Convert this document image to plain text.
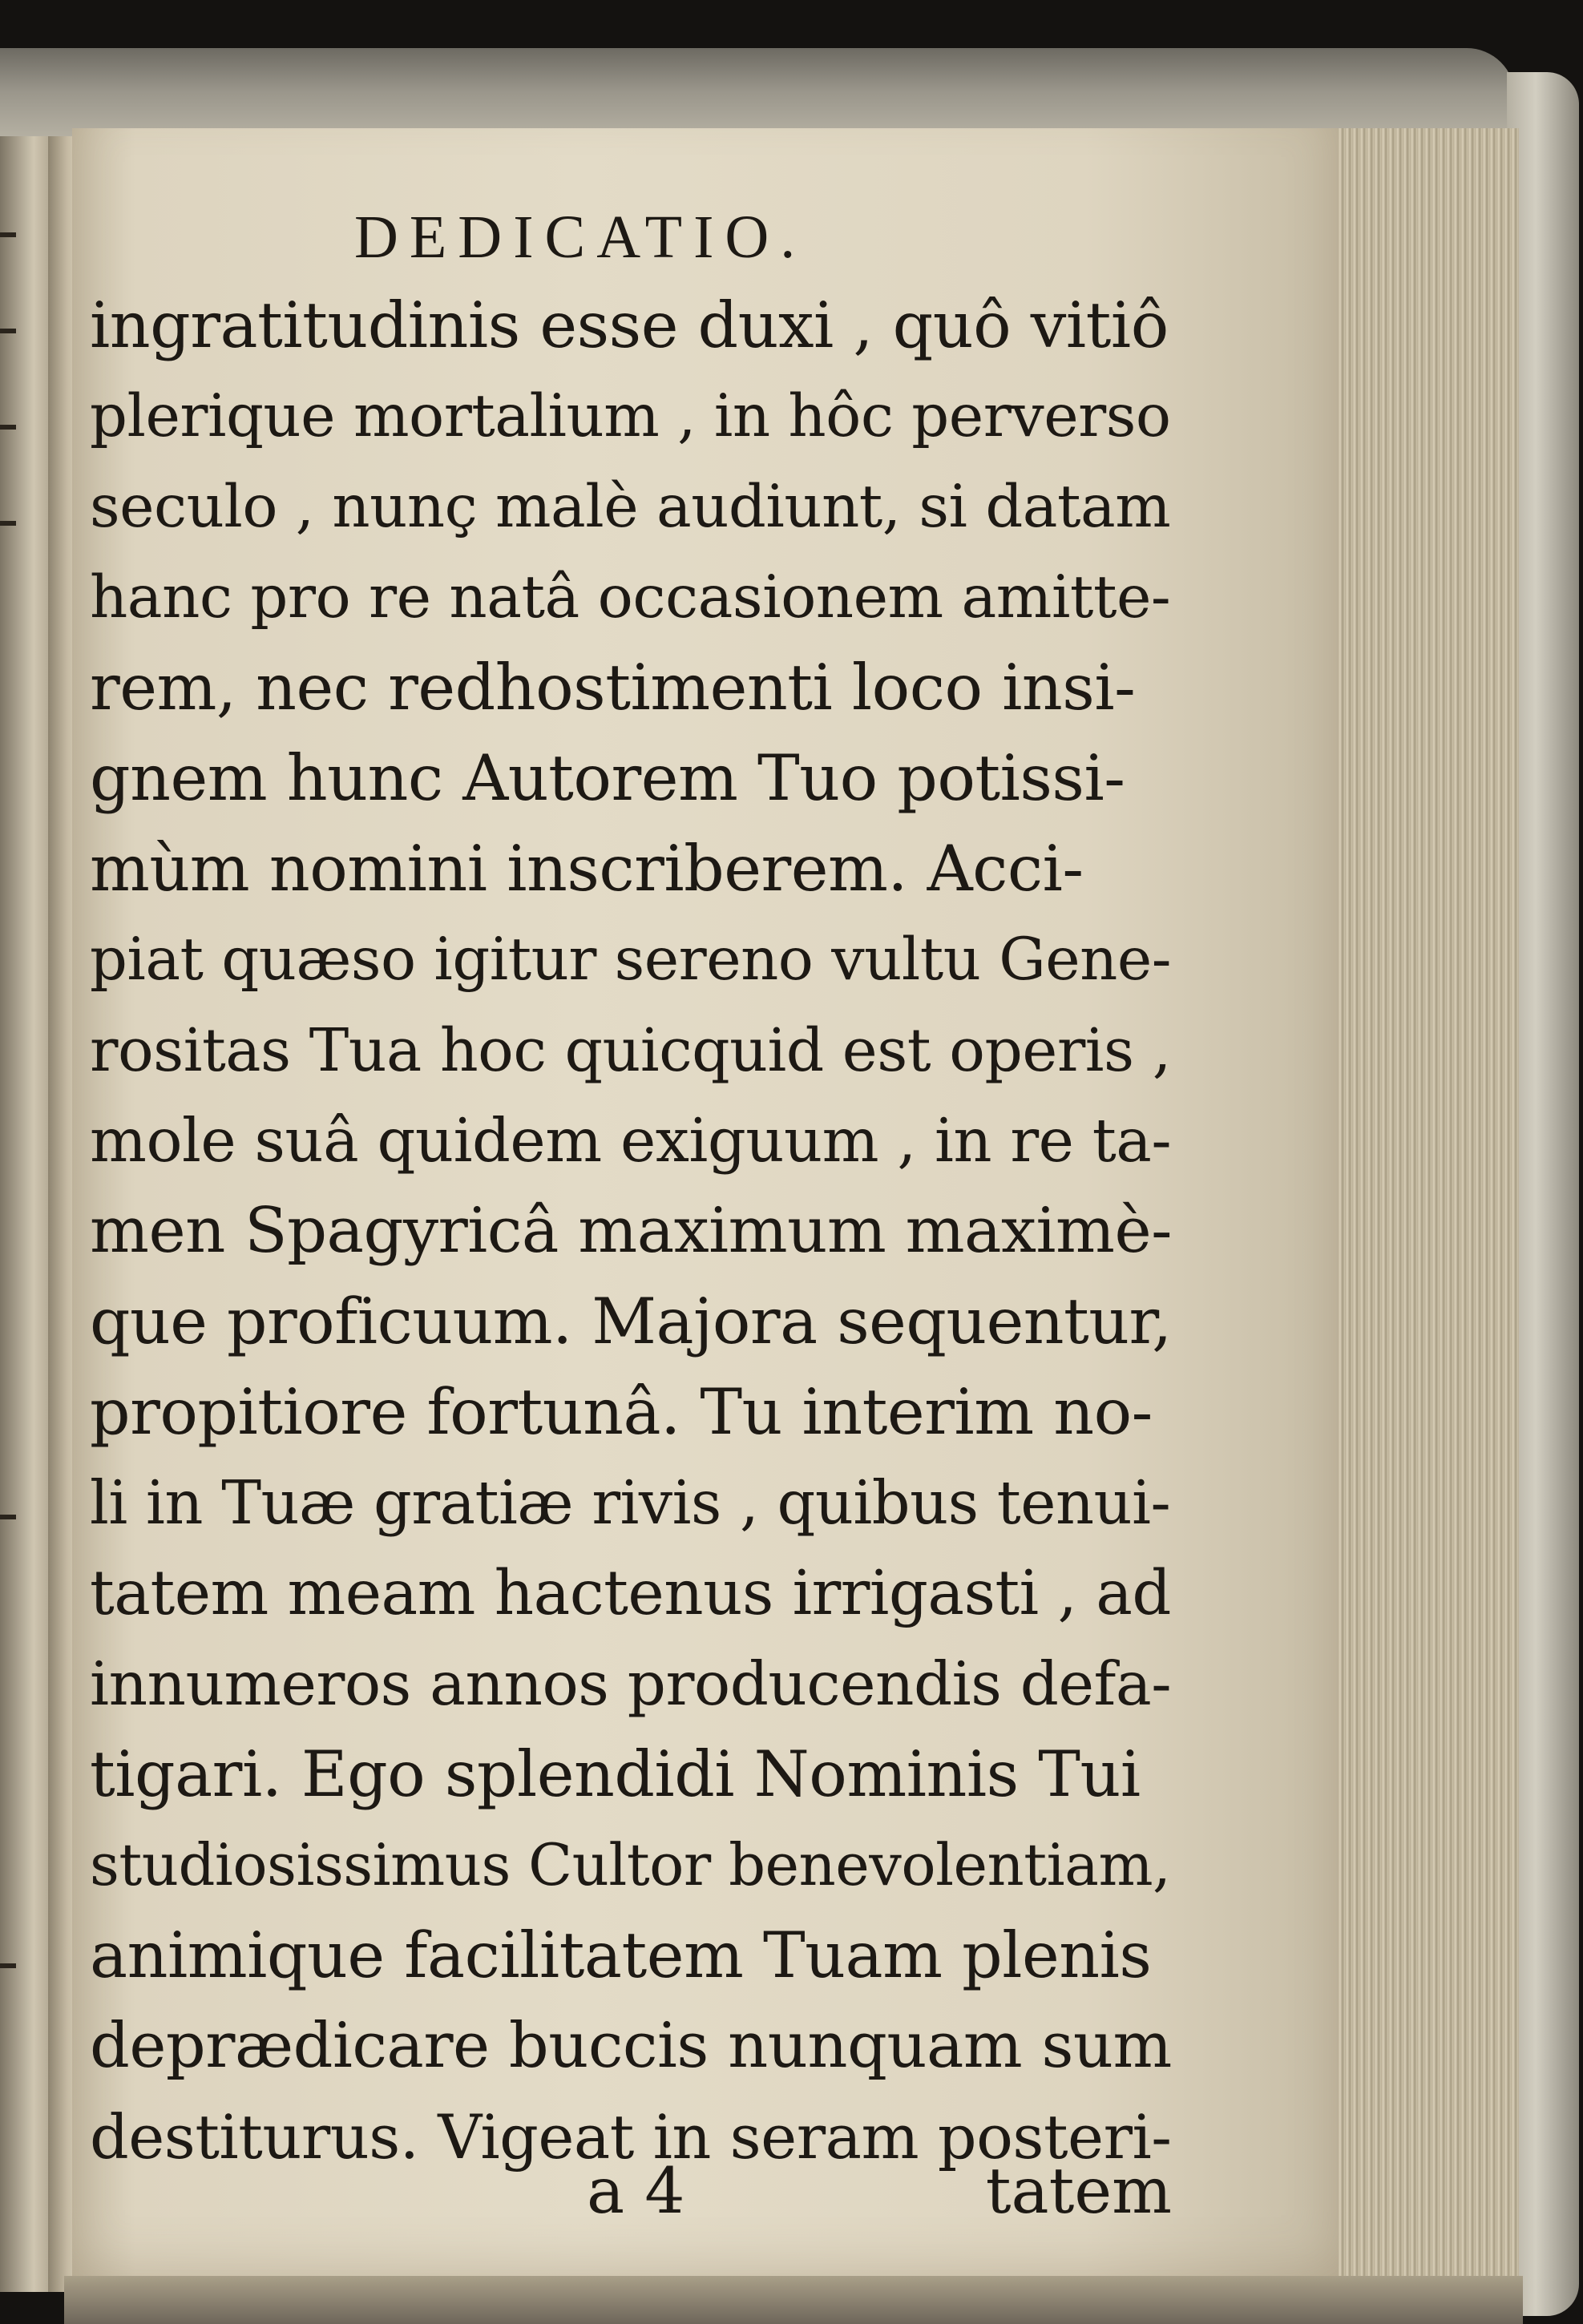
DEDICATIO.
ingratitudinis esse duxi , quô vitiô
plerique mortalium , in hôc perverso
seculo , nunç malè audiunt, si datam
hanc pro re natâ occasionem amitte-
rem, nec redhostimenti loco insi-
gnem hunc Autorem Tuo potissi-
mùm nomini inscriberem. Acci-
piat quæso igitur sereno vultu Gene-
rositas Tua hoc quicquid est operis ,
mole suâ quidem exiguum , in re ta-
men Spagyricâ maximum maximè-
que proficuum. Majora sequentur,
propitiore fortunâ. Tu interim no-
li in Tuæ gratiæ rivis , quibus tenui-
tatem meam hactenus irrigasti , ad
innumeros annos producendis defa-
tigari. Ego splendidi Nominis Tui
studiosissimus Cultor benevolentiam,
animique facilitatem Tuam plenis
deprædicare buccis nunquam sum
destiturus. Vigeat in seram posteri-
a 4	tatem
